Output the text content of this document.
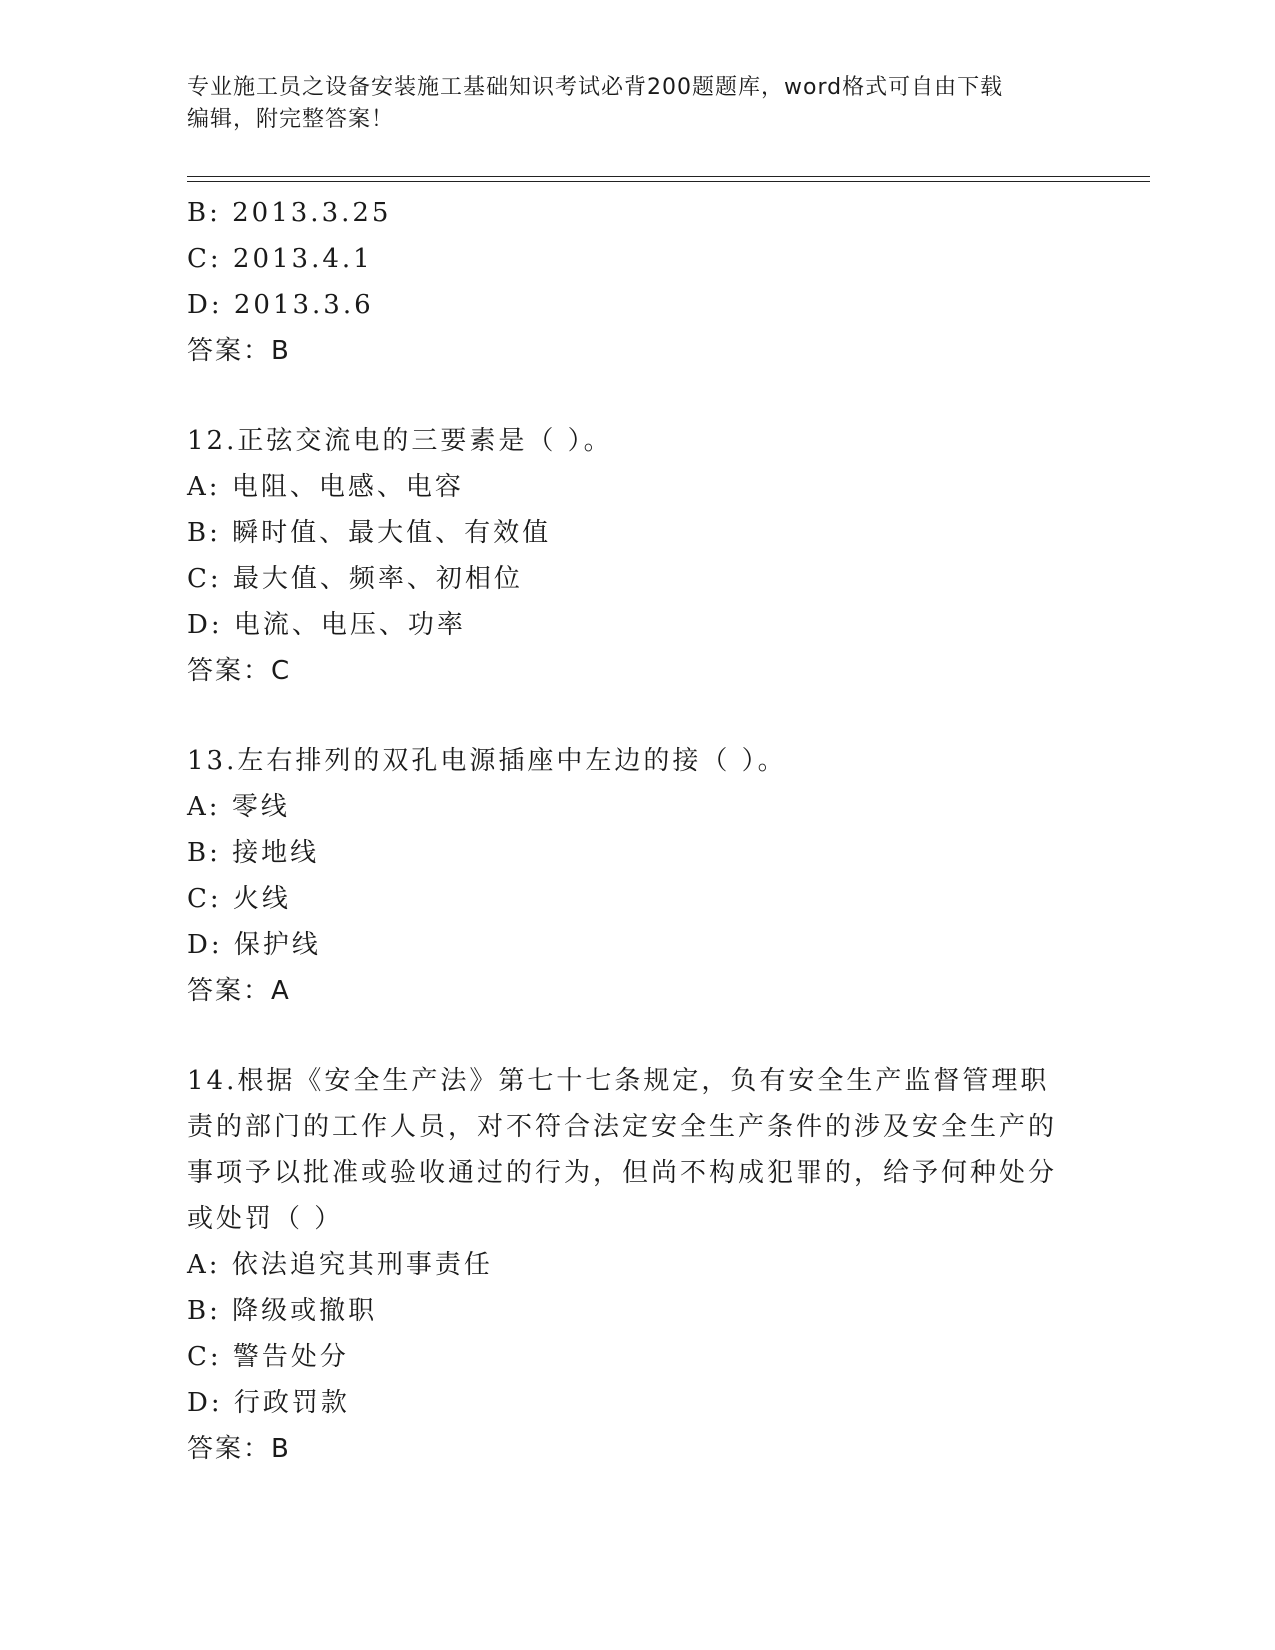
专业施工员之设备安装施工基础知识考试必背200题题库，word格式可自由下载
编辑，附完整答案！
B: 2013.3.25
C: 2013.4.1
D: 2013.3.6
答案：B
12.正弦交流电的三要素是（ ）。
A: 电阻、电感、电容
B: 瞬时值、最大值、有效值
C: 最大值、频率、初相位
D: 电流、电压、功率
答案：C
13.左右排列的双孔电源插座中左边的接（ ）。
A: 零线
B: 接地线
C: 火线
D: 保护线
答案：A
14.根据《安全生产法》第七十七条规定，负有安全生产监督管理职责的部门的工作人员，对不符合法定安全生产条件的涉及安全生产的事项予以批准或验收通过的行为，但尚不构成犯罪的，给予何种处分或处罚（ ）
A: 依法追究其刑事责任
B: 降级或撤职
C: 警告处分
D: 行政罚款
答案：B
